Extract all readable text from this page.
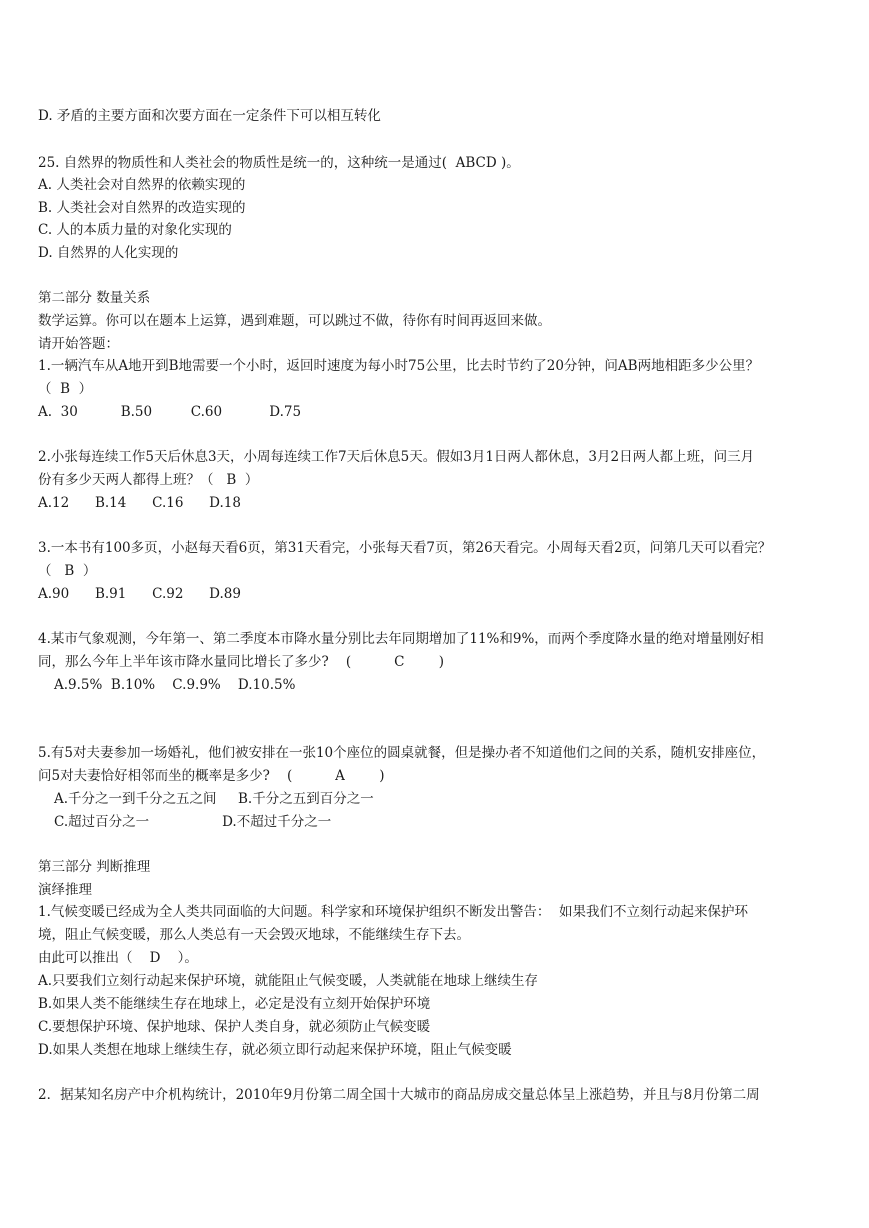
D. 矛盾的主要方面和次要方面在一定条件下可以相互转化
25. 自然界的物质性和人类社会的物质性是统一的，这种统一是通过(  ABCD )。
A. 人类社会对自然界的依赖实现的
B. 人类社会对自然界的改造实现的
C. 人的本质力量的对象化实现的
D. 自然界的人化实现的
第二部分 数量关系
数学运算。你可以在题本上运算，遇到难题，可以跳过不做，待你有时间再返回来做。
请开始答题：
1.一辆汽车从A地开到B地需要一个小时，返回时速度为每小时75公里，比去时节约了20分钟，问AB两地相距多少公里？
（  B  ）
A.  30          B.50         C.60           D.75
2.小张每连续工作5天后休息3天，小周每连续工作7天后休息5天。假如3月1日两人都休息，3月2日两人都上班，问三月
份有多少天两人都得上班？（   B  ）
A.12      B.14      C.16      D.18
3.一本书有100多页，小赵每天看6页，第31天看完，小张每天看7页，第26天看完。小周每天看2页，问第几天可以看完？
（   B  ）
A.90      B.91      C.92      D.89
4.某市气象观测，今年第一、第二季度本市降水量分别比去年同期增加了11%和9%，而两个季度降水量的绝对增量刚好相
同，那么今年上半年该市降水量同比增长了多少?    (          C        )
A.9.5%  B.10%    C.9.9%    D.10.5%
5.有5对夫妻参加一场婚礼，他们被安排在一张10个座位的圆桌就餐，但是操办者不知道他们之间的关系，随机安排座位，
问5对夫妻恰好相邻而坐的概率是多少?    (          A        )
A.千分之一到千分之五之间     B.千分之五到百分之一
C.超过百分之一                 D.不超过千分之一
第三部分 判断推理
演绎推理
1.气候变暖已经成为全人类共同面临的大问题。科学家和环境保护组织不断发出警告：  如果我们不立刻行动起来保护环
境，阻止气候变暖，那么人类总有一天会毁灭地球，不能继续生存下去。
由此可以推出（    D    ）。
A.只要我们立刻行动起来保护环境，就能阻止气候变暖，人类就能在地球上继续生存
B.如果人类不能继续生存在地球上，必定是没有立刻开始保护环境
C.要想保护环境、保护地球、保护人类自身，就必须防止气候变暖
D.如果人类想在地球上继续生存，就必须立即行动起来保护环境，阻止气候变暖
2．据某知名房产中介机构统计，2010年9月份第二周全国十大城市的商品房成交量总体呈上涨趋势，并且与8月份第二周
